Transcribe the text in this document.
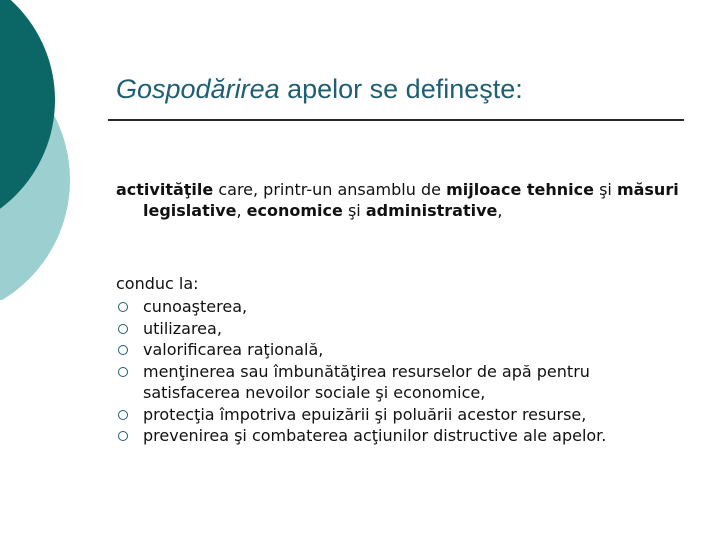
Gospodărirea apelor se defineşte:
activităţile care, printr-un ansamblu de mijloace tehnice şi măsuri legislative, economice şi administrative,
conduc la:
cunoaşterea,
utilizarea,
valorificarea raţională,
menţinerea sau îmbunătăţirea resurselor de apă pentru satisfacerea nevoilor sociale şi economice,
protecţia împotriva epuizării şi poluării acestor resurse,
prevenirea şi combaterea acţiunilor distructive ale apelor.
